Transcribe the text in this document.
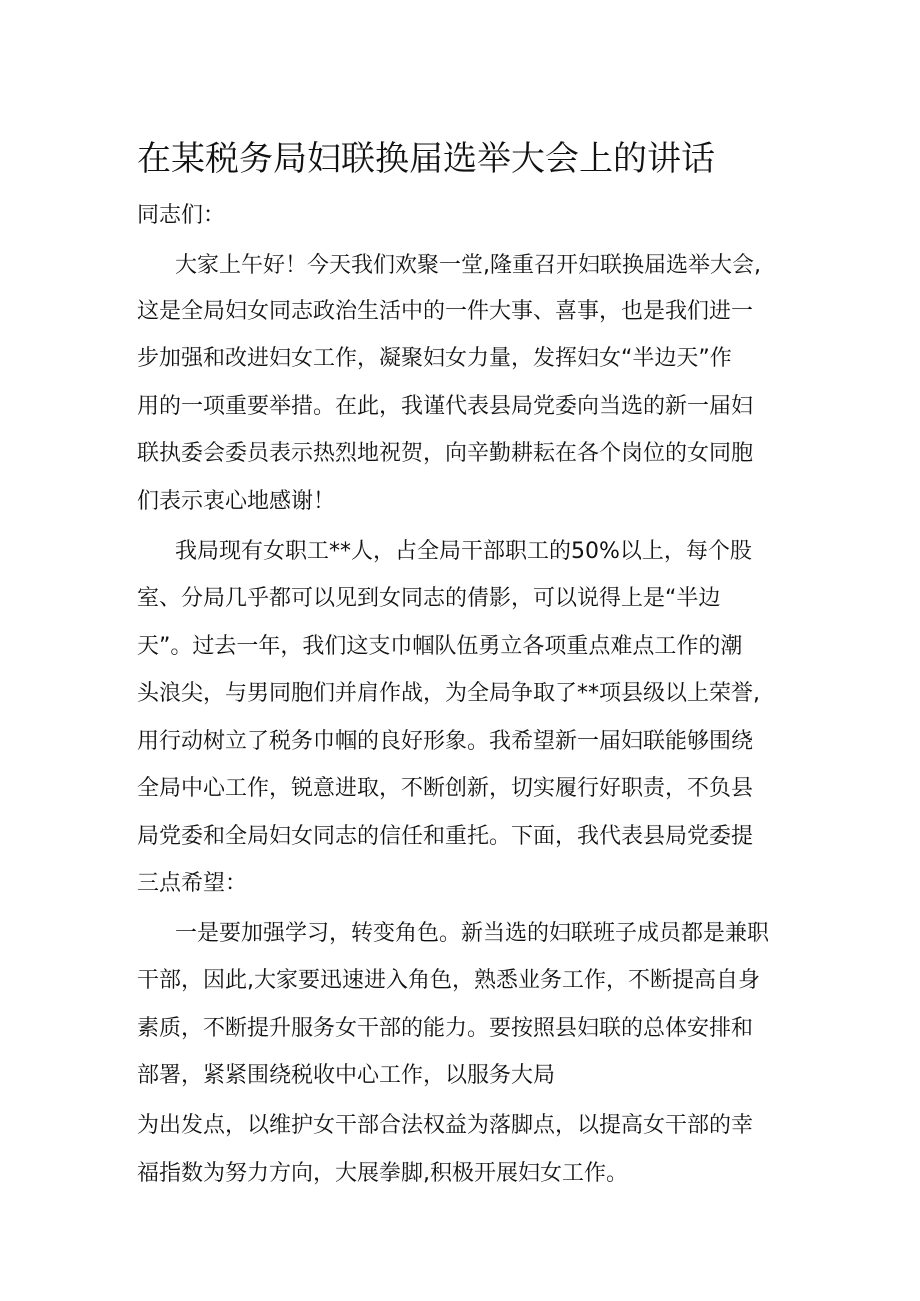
在某税务局妇联换届选举大会上的讲话
同志们：
大家上午好！今天我们欢聚一堂,隆重召开妇联换届选举大会,
这是全局妇女同志政治生活中的一件大事、喜事，也是我们进一
步加强和改进妇女工作，凝聚妇女力量，发挥妇女“半边天”作
用的一项重要举措。在此，我谨代表县局党委向当选的新一届妇
联执委会委员表示热烈地祝贺，向辛勤耕耘在各个岗位的女同胞
们表示衷心地感谢！
我局现有女职工**人，占全局干部职工的50%以上，每个股
室、分局几乎都可以见到女同志的倩影，可以说得上是“半边
天”。过去一年，我们这支巾帼队伍勇立各项重点难点工作的潮
头浪尖，与男同胞们并肩作战，为全局争取了**项县级以上荣誉,
用行动树立了税务巾帼的良好形象。我希望新一届妇联能够围绕
全局中心工作，锐意进取，不断创新，切实履行好职责，不负县
局党委和全局妇女同志的信任和重托。下面，我代表县局党委提
三点希望：
一是要加强学习，转变角色。新当选的妇联班子成员都是兼职
干部，因此,大家要迅速进入角色，熟悉业务工作，不断提高自身
素质，不断提升服务女干部的能力。要按照县妇联的总体安排和
部署，紧紧围绕税收中心工作，以服务大局
为出发点，以维护女干部合法权益为落脚点，以提高女干部的幸
福指数为努力方向，大展拳脚,积极开展妇女工作。
